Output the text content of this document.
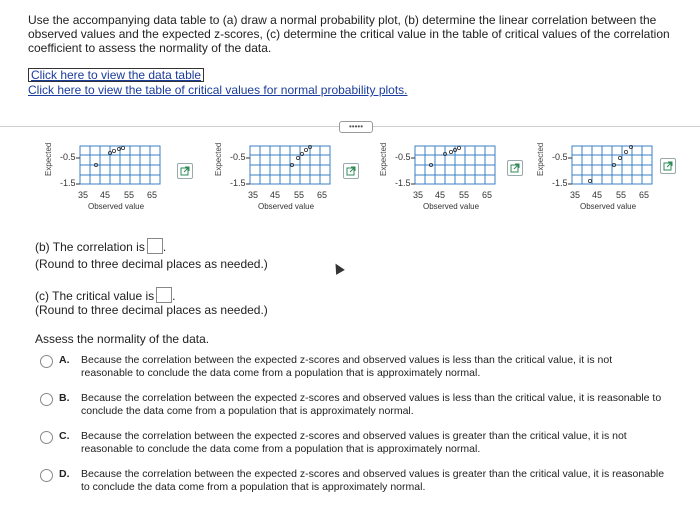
Use the accompanying data table to (a) draw a normal probability plot, (b) determine the linear correlation between the observed values and the expected z-scores, (c) determine the critical value in the table of critical values of the correlation coefficient to assess the normality of the data.
Click here to view the data table
Click here to view the table of critical values for normal probability plots.
•••••
Expected -0.5
-1.5
35 45 55 65
Observed value
Expected -0.5
-1.5
35 45 55 65
Observed value
Expected -0.5
-1.5
35 45 55 65
Observed value
Expected -0.5
-1.5
35 45 55 65
Observed value
(b) The correlation is .
(Round to three decimal places as needed.)
(c) The critical value is .
(Round to three decimal places as needed.)
Assess the normality of the data.
A. Because the correlation between the expected z-scores and observed values is less than the critical value, it is not reasonable to conclude the data come from a population that is approximately normal.
B. Because the correlation between the expected z-scores and observed values is less than the critical value, it is reasonable to conclude the data come from a population that is approximately normal.
C. Because the correlation between the expected z-scores and observed values is greater than the critical value, it is not reasonable to conclude the data come from a population that is approximately normal.
D. Because the correlation between the expected z-scores and observed values is greater than the critical value, it is reasonable to conclude the data come from a population that is approximately normal.
